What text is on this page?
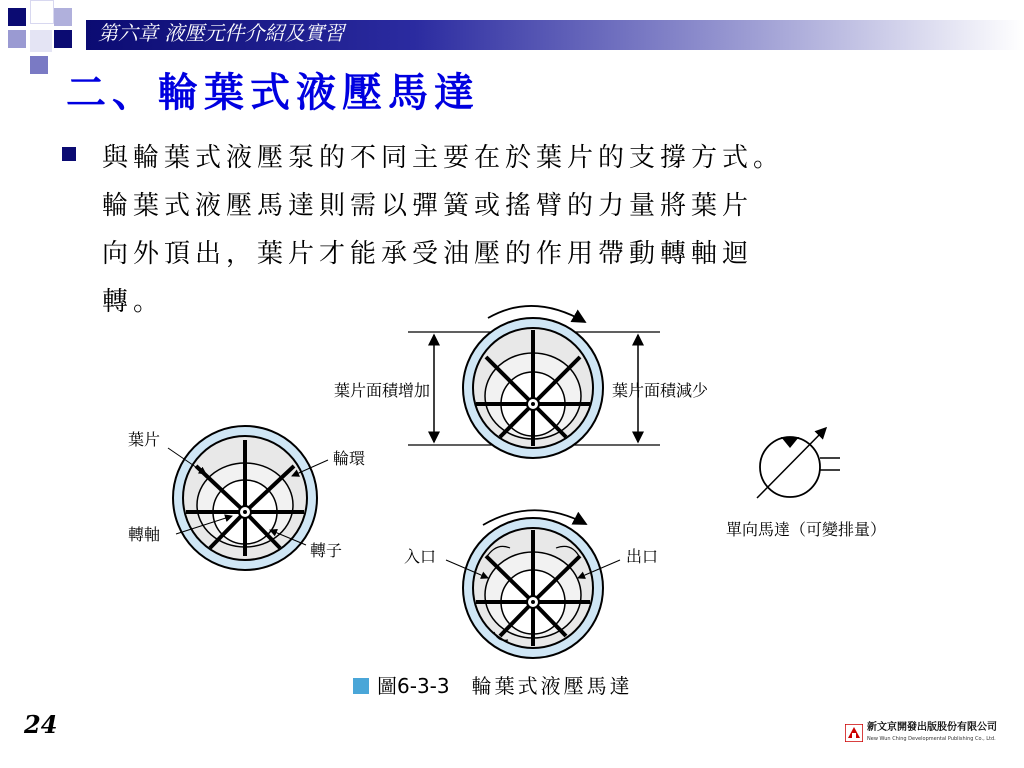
第六章 液壓元件介紹及實習
二、輪葉式液壓馬達

與輪葉式液壓泵的不同主要在於葉片的支撐方式。
輪葉式液壓馬達則需以彈簧或搖臂的力量將葉片
向外頂出，葉片才能承受油壓的作用帶動轉軸迴
轉。

葉片面積增加	葉片面積減少
葉片
輪環
轉軸
轉子	入口	出口
單向馬達（可變排量）
圖6-3-3 輪葉式液壓馬達
24	新文京開發出版股份有限公司
New Wun Ching Developmental Publishing Co., Ltd.
